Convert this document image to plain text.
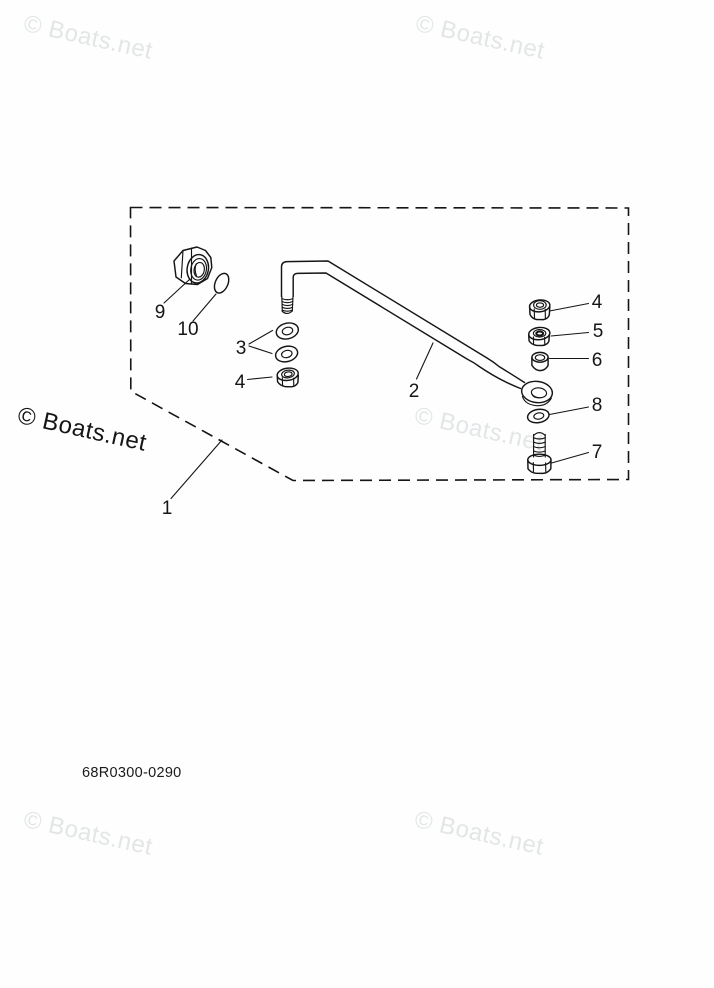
© Boats.net	© Boats.net
© Boats.net	© Boats.net
© Boats.net	© Boats.net
1
2
3
4
4
5
6
7
8
9
10
68R0300-0290
